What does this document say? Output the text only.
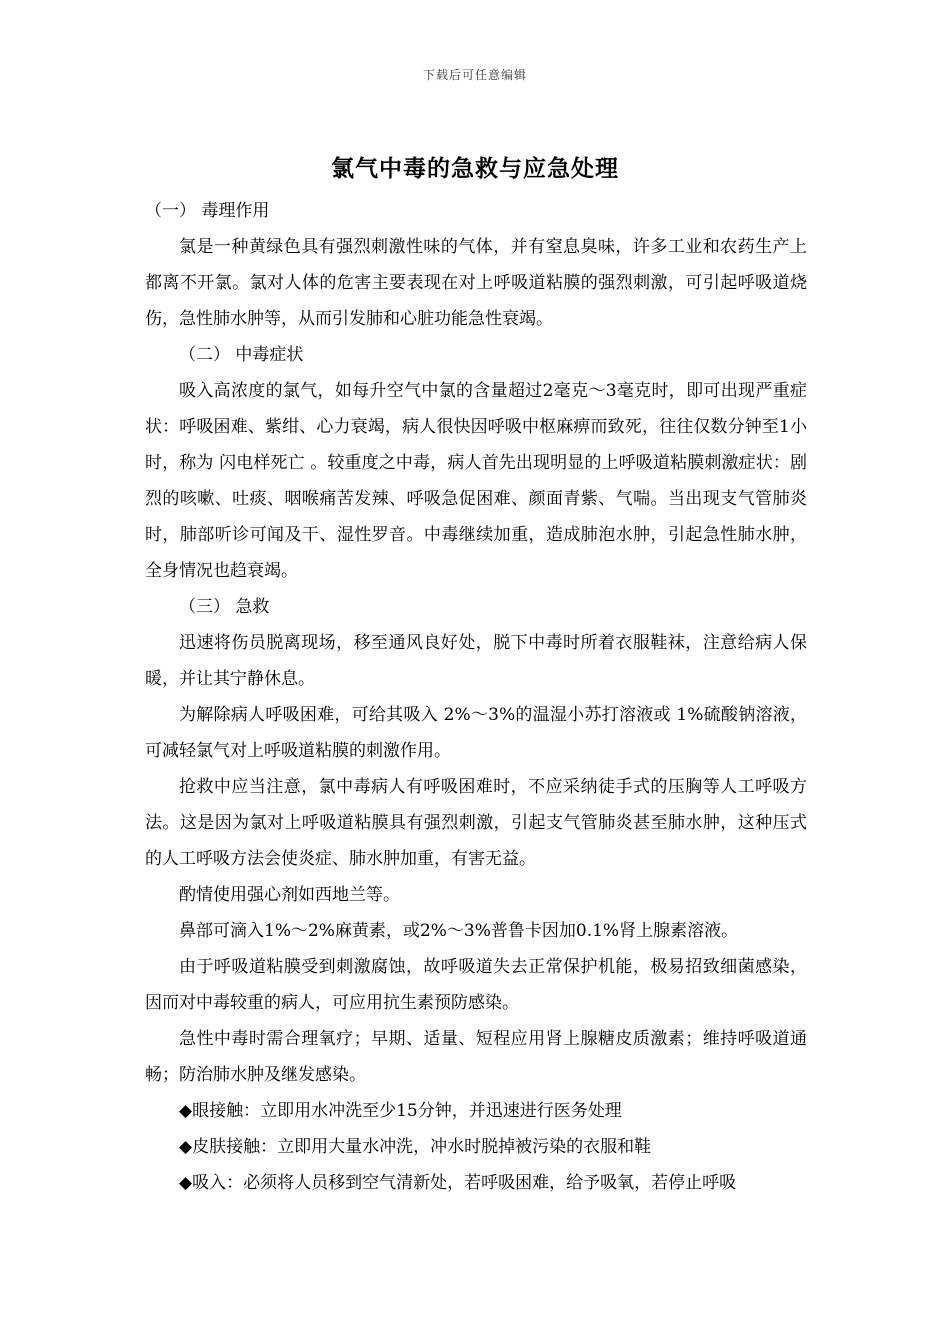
下载后可任意编辑
氯气中毒的急救与应急处理

（一） 毒理作用

氯是一种黄绿色具有强烈刺激性味的气体，并有窒息臭味，许多工业和农药生产上都离不开氯。氯对人体的危害主要表现在对上呼吸道粘膜的强烈刺激，可引起呼吸道烧伤，急性肺水肿等，从而引发肺和心脏功能急性衰竭。

（二） 中毒症状

吸入高浓度的氯气，如每升空气中氯的含量超过2毫克～3毫克时，即可出现严重症状：呼吸困难、紫绀、心力衰竭，病人很快因呼吸中枢麻痹而致死，往往仅数分钟至1小时，称为 闪电样死亡 。较重度之中毒，病人首先出现明显的上呼吸道粘膜刺激症状：剧烈的咳嗽、吐痰、咽喉痛苦发辣、呼吸急促困难、颜面青紫、气喘。当出现支气管肺炎时，肺部听诊可闻及干、湿性罗音。中毒继续加重，造成肺泡水肿，引起急性肺水肿，全身情况也趋衰竭。

（三） 急救

迅速将伤员脱离现场，移至通风良好处，脱下中毒时所着衣服鞋袜，注意给病人保暖，并让其宁静休息。

为解除病人呼吸困难，可给其吸入 2%～3%的温湿小苏打溶液或 1%硫酸钠溶液，可减轻氯气对上呼吸道粘膜的刺激作用。

抢救中应当注意，氯中毒病人有呼吸困难时，不应采纳徒手式的压胸等人工呼吸方法。这是因为氯对上呼吸道粘膜具有强烈刺激，引起支气管肺炎甚至肺水肿，这种压式的人工呼吸方法会使炎症、肺水肿加重，有害无益。

酌情使用强心剂如西地兰等。

鼻部可滴入1%～2%麻黄素，或2%～3%普鲁卡因加0.1%肾上腺素溶液。

由于呼吸道粘膜受到刺激腐蚀，故呼吸道失去正常保护机能，极易招致细菌感染，因而对中毒较重的病人，可应用抗生素预防感染。

急性中毒时需合理氧疗；早期、适量、短程应用肾上腺糖皮质激素；维持呼吸道通畅；防治肺水肿及继发感染。

◆眼接触：立即用水冲洗至少15分钟，并迅速进行医务处理

◆皮肤接触：立即用大量水冲洗，冲水时脱掉被污染的衣服和鞋

◆吸入：必须将人员移到空气清新处，若呼吸困难，给予吸氧，若停止呼吸
